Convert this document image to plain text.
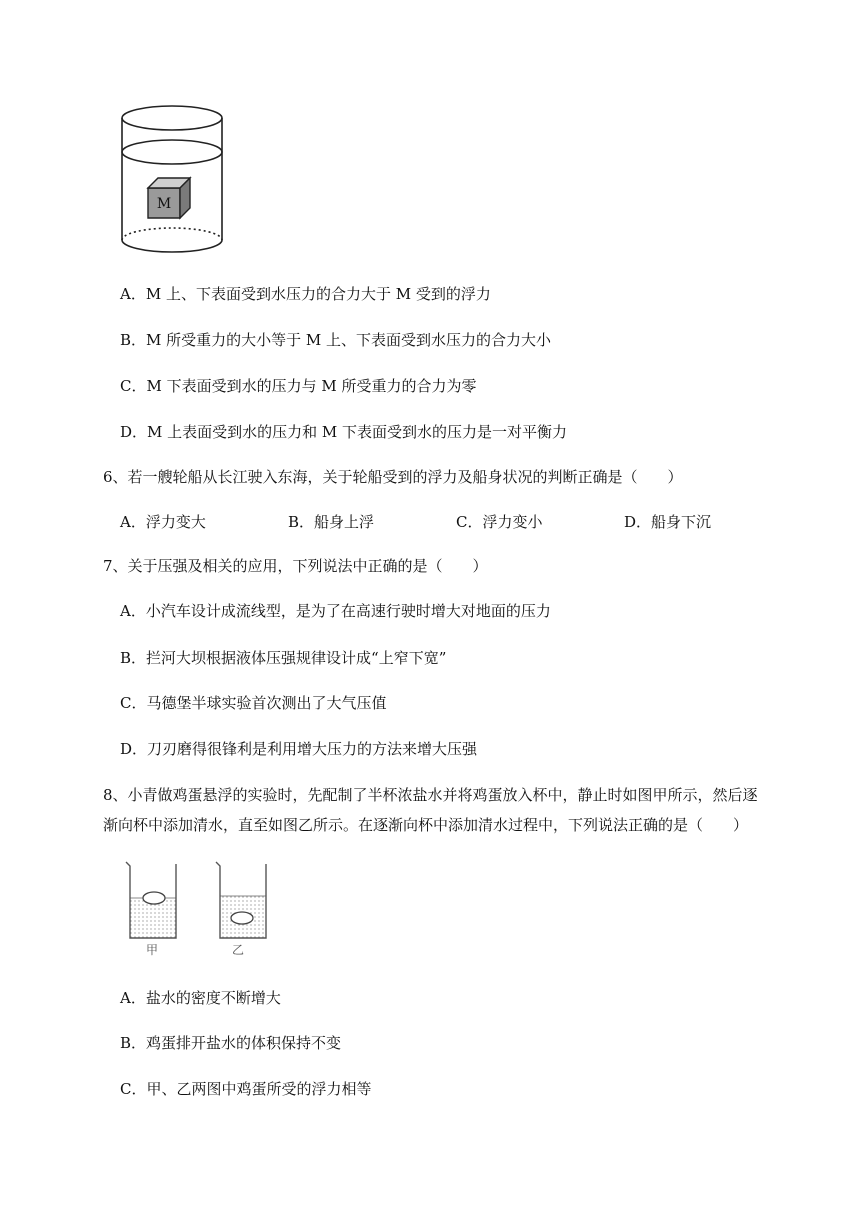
M
A．M 上、下表面受到水压力的合力大于 M 受到的浮力
B．M 所受重力的大小等于 M 上、下表面受到水压力的合力大小
C．M 下表面受到水的压力与 M 所受重力的合力为零
D．M 上表面受到水的压力和 M 下表面受到水的压力是一对平衡力
6、若一艘轮船从长江驶入东海，关于轮船受到的浮力及船身状况的判断正确是（　　）
A．浮力变大	B．船身上浮	C．浮力变小	D．船身下沉
7、关于压强及相关的应用，下列说法中正确的是（　　）
A．小汽车设计成流线型，是为了在高速行驶时增大对地面的压力
B．拦河大坝根据液体压强规律设计成“上窄下宽”
C．马德堡半球实验首次测出了大气压值
D．刀刃磨得很锋利是利用增大压力的方法来增大压强
8、小青做鸡蛋悬浮的实验时，先配制了半杯浓盐水并将鸡蛋放入杯中，静止时如图甲所示，然后逐
渐向杯中添加清水，直至如图乙所示。在逐渐向杯中添加清水过程中，下列说法正确的是（　　）
甲	乙
A．盐水的密度不断增大
B．鸡蛋排开盐水的体积保持不变
C．甲、乙两图中鸡蛋所受的浮力相等
